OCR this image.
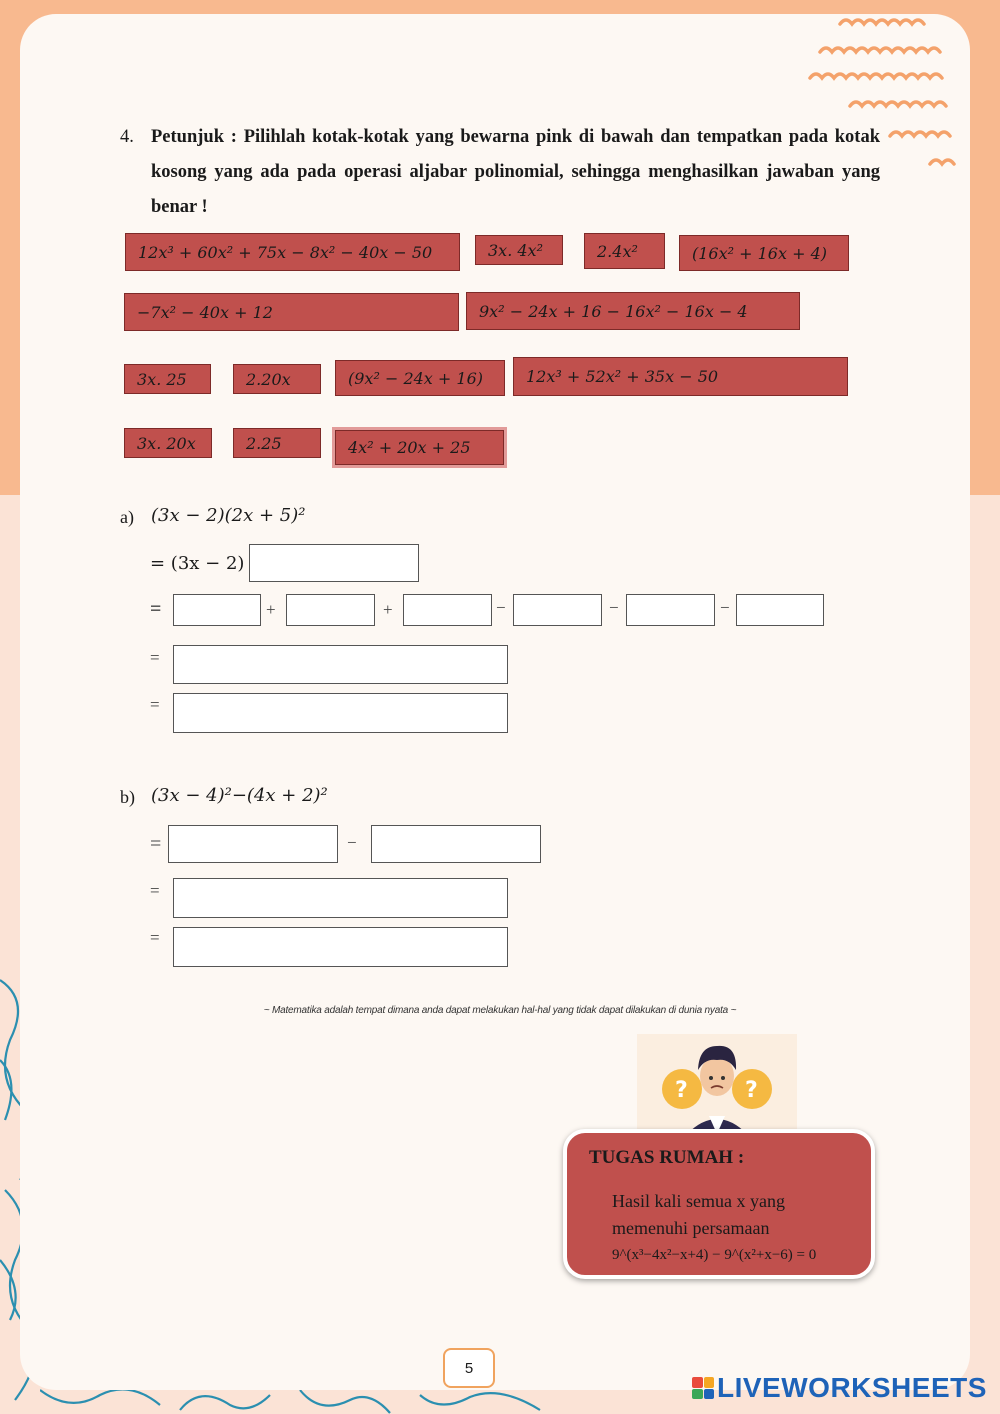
4. Petunjuk : Pilihlah kotak-kotak yang bewarna pink di bawah dan tempatkan pada kotak kosong yang ada pada operasi aljabar polinomial, sehingga menghasilkan jawaban yang benar !
12x³ + 60x² + 75x − 8x² − 40x − 50	3x. 4x²	2.4x²	(16x² + 16x + 4)
−7x² − 40x + 12	9x² − 24x + 16 − 16x² − 16x − 4
3x. 25	2.20x	(9x² − 24x + 16)	12x³ + 52x² + 35x − 50
3x. 20x	2.25	4x² + 20x + 25
a) (3x − 2)(2x + 5)²
= (3x − 2)
=	+	+	−	−	−
=
=
b) (3x − 4)²−(4x + 2)²
=	−
=
=
~ Matematika adalah tempat dimana anda dapat melakukan hal-hal yang tidak dapat dilakukan di dunia nyata ~
?	?
TUGAS RUMAH :
Hasil kali semua x yang
memenuhi persamaan
9^(x³−4x²−x+4) − 9^(x²+x−6) = 0
5
LIVEWORKSHEETS
